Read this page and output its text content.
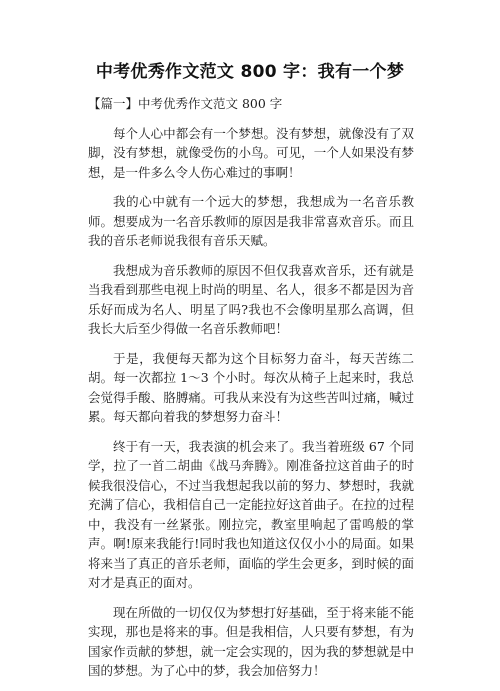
中考优秀作文范文 800 字：我有一个梦

【篇一】中考优秀作文范文 800 字

每个人心中都会有一个梦想。没有梦想，就像没有了双脚，没有梦想，就像受伤的小鸟。可见，一个人如果没有梦想，是一件多么令人伤心难过的事啊！

我的心中就有一个远大的梦想，我想成为一名音乐教师。想要成为一名音乐教师的原因是我非常喜欢音乐。而且我的音乐老师说我很有音乐天赋。

我想成为音乐教师的原因不但仅我喜欢音乐，还有就是当我看到那些电视上时尚的明星、名人，很多不都是因为音乐好而成为名人、明星了吗?我也不会像明星那么高调，但我长大后至少得做一名音乐教师吧！

于是，我便每天都为这个目标努力奋斗，每天苦练二胡。每一次都拉 1～3 个小时。每次从椅子上起来时，我总会觉得手酸、胳膊痛。可我从来没有为这些苦叫过痛，喊过累。每天都向着我的梦想努力奋斗！

终于有一天，我表演的机会来了。我当着班级 67 个同学，拉了一首二胡曲《战马奔腾》。刚准备拉这首曲子的时候我很没信心，不过当我想起我以前的努力、梦想时，我就充满了信心，我相信自己一定能拉好这首曲子。在拉的过程中，我没有一丝紧张。刚拉完，教室里响起了雷鸣般的掌声。啊!原来我能行!同时我也知道这仅仅小小的局面。如果将来当了真正的音乐老师，面临的学生会更多，到时候的面对才是真正的面对。

现在所做的一切仅仅为梦想打好基础，至于将来能不能实现，那也是将来的事。但是我相信，人只要有梦想，有为国家作贡献的梦想，就一定会实现的，因为我的梦想就是中国的梦想。为了心中的梦，我会加倍努力！
